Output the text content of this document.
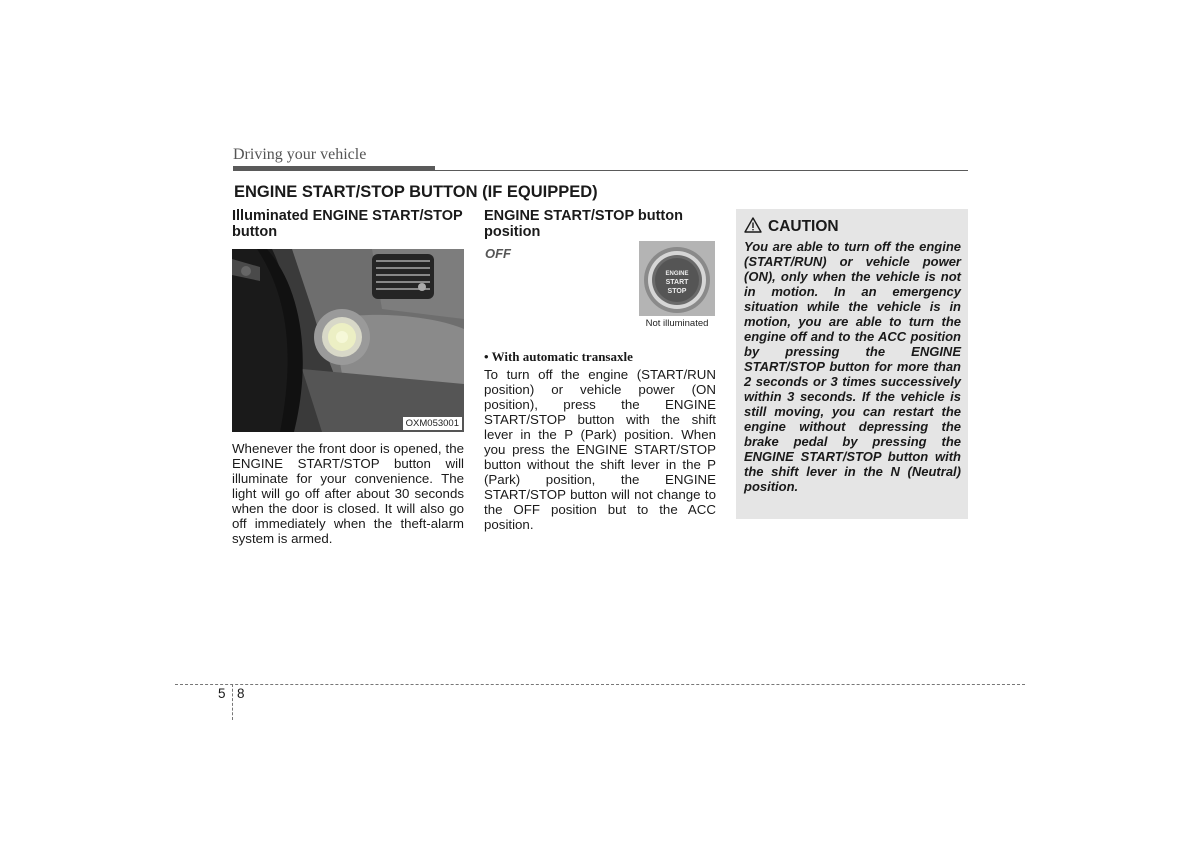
Driving your vehicle
ENGINE START/STOP BUTTON (IF EQUIPPED)
Illuminated ENGINE START/STOP button
OXM053001
Whenever the front door is opened, the ENGINE START/STOP button will illuminate for your convenience. The light will go off after about 30 seconds when the door is closed. It will also go off immediately when the theft-alarm system is armed.
ENGINE START/STOP button position
OFF
ENGINE
START
STOP
Not illuminated
• With automatic transaxle
To turn off the engine (START/RUN position) or vehicle power (ON position), press the ENGINE START/STOP button with the shift lever in the P (Park) position. When you press the ENGINE START/STOP button without the shift lever in the P (Park) position, the ENGINE START/STOP button will not change to the OFF position but to the ACC position.
CAUTION
You are able to turn off the engine (START/RUN) or vehicle power (ON), only when the vehicle is not in motion. In an emergency situation while the vehicle is in motion, you are able to turn the engine off and to the ACC position by pressing the ENGINE START/STOP button for more than 2 seconds or 3 times successively within 3 seconds. If the vehicle is still moving, you can restart the engine without depressing the brake pedal by pressing the ENGINE START/STOP button with the shift lever in the N (Neutral) position.
5 8
